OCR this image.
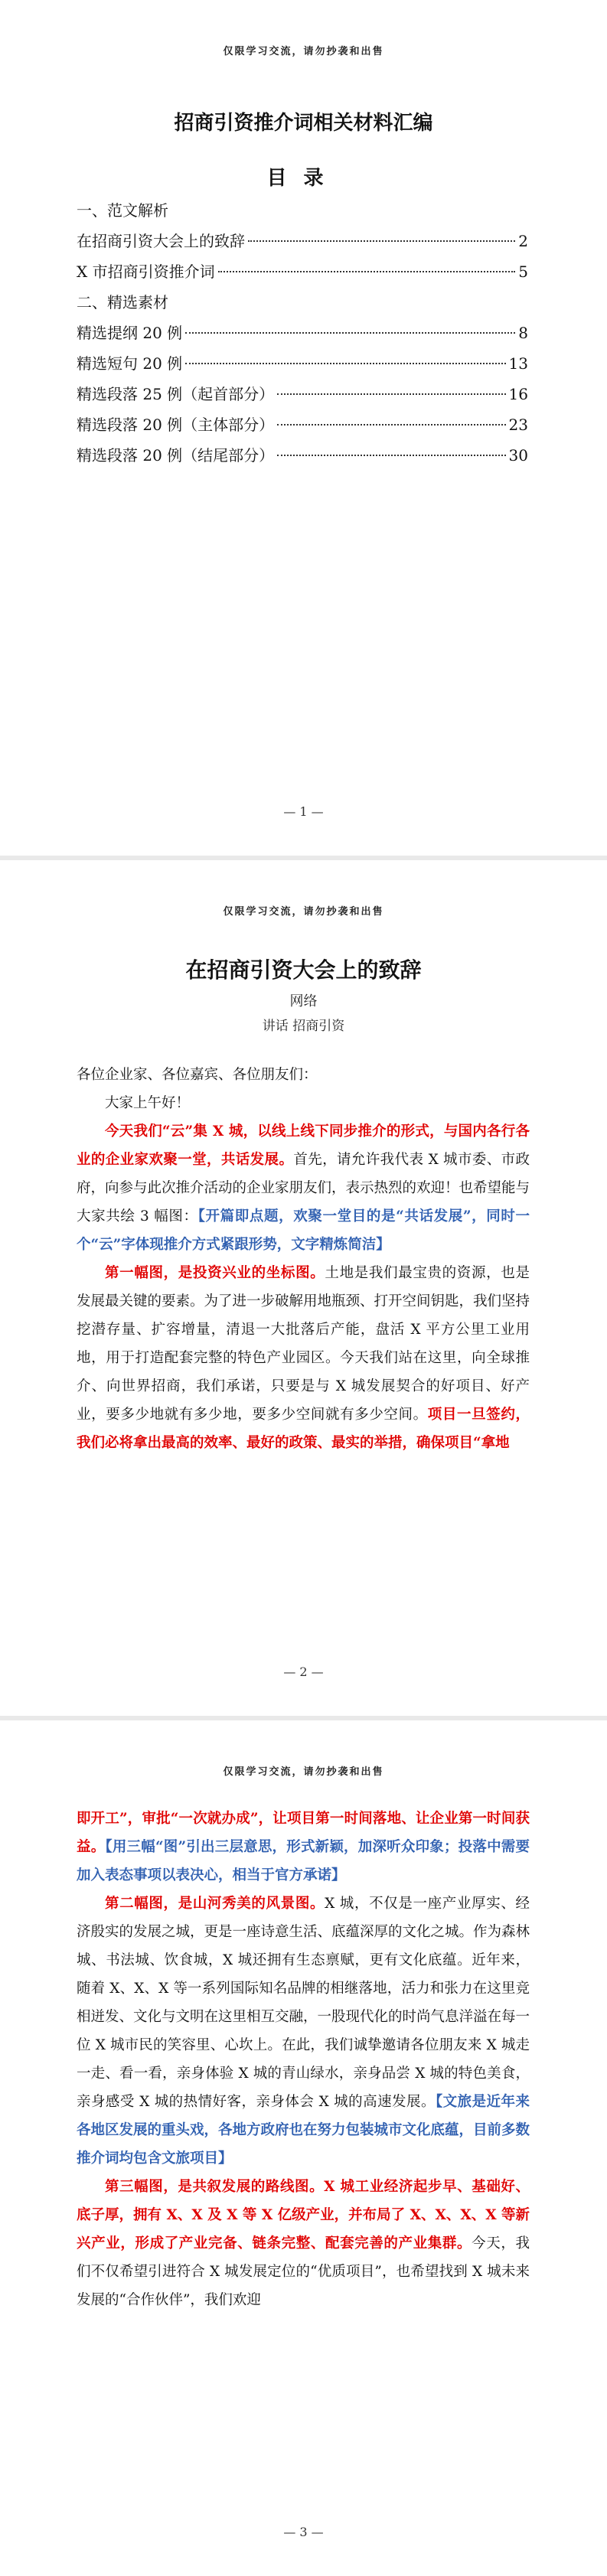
仅限学习交流，请勿抄袭和出售
招商引资推介词相关材料汇编
目录
一、范文解析
在招商引资大会上的致辞	2
X 市招商引资推介词	5
二、精选素材
精选提纲 20 例	8
精选短句 20 例	13
精选段落 25 例（起首部分）	16
精选段落 20 例（主体部分）	23
精选段落 20 例（结尾部分）	30
— 1 —
仅限学习交流，请勿抄袭和出售
在招商引资大会上的致辞
网络
讲话 招商引资

各位企业家、各位嘉宾、各位朋友们：

大家上午好！

今天我们“云”集 X 城，以线上线下同步推介的形式，与国内各行各业的企业家欢聚一堂，共话发展。首先，请允许我代表 X 城市委、市政府，向参与此次推介活动的企业家朋友们，表示热烈的欢迎！也希望能与大家共绘 3 幅图：【开篇即点题，欢聚一堂目的是“共话发展”，同时一个“云”字体现推介方式紧跟形势，文字精炼简洁】

第一幅图，是投资兴业的坐标图。土地是我们最宝贵的资源，也是发展最关键的要素。为了进一步破解用地瓶颈、打开空间钥匙，我们坚持挖潜存量、扩容增量，清退一大批落后产能，盘活 X 平方公里工业用地，用于打造配套完整的特色产业园区。今天我们站在这里，向全球推介、向世界招商，我们承诺，只要是与 X 城发展契合的好项目、好产业，要多少地就有多少地，要多少空间就有多少空间。项目一旦签约，我们必将拿出最高的效率、最好的政策、最实的举措，确保项目“拿地

— 2 —
仅限学习交流，请勿抄袭和出售

即开工”，审批“一次就办成”，让项目第一时间落地、让企业第一时间获益。【用三幅“图”引出三层意思，形式新颖，加深听众印象；投落中需要加入表态事项以表决心，相当于官方承诺】

第二幅图，是山河秀美的风景图。X 城，不仅是一座产业厚实、经济殷实的发展之城，更是一座诗意生活、底蕴深厚的文化之城。作为森林城、书法城、饮食城，X 城还拥有生态禀赋，更有文化底蕴。近年来，随着 X、X、X 等一系列国际知名品牌的相继落地，活力和张力在这里竞相迸发、文化与文明在这里相互交融，一股现代化的时尚气息洋溢在每一位 X 城市民的笑容里、心坎上。在此，我们诚挚邀请各位朋友来 X 城走一走、看一看，亲身体验 X 城的青山绿水，亲身品尝 X 城的特色美食，亲身感受 X 城的热情好客，亲身体会 X 城的高速发展。【文旅是近年来各地区发展的重头戏，各地方政府也在努力包装城市文化底蕴，目前多数推介词均包含文旅项目】

第三幅图，是共叙发展的路线图。X 城工业经济起步早、基础好、底子厚，拥有 X、X 及 X 等 X 亿级产业，并布局了 X、X、X、X 等新兴产业，形成了产业完备、链条完整、配套完善的产业集群。今天，我们不仅希望引进符合 X 城发展定位的“优质项目”，也希望找到 X 城未来发展的“合作伙伴”，我们欢迎

— 3 —
